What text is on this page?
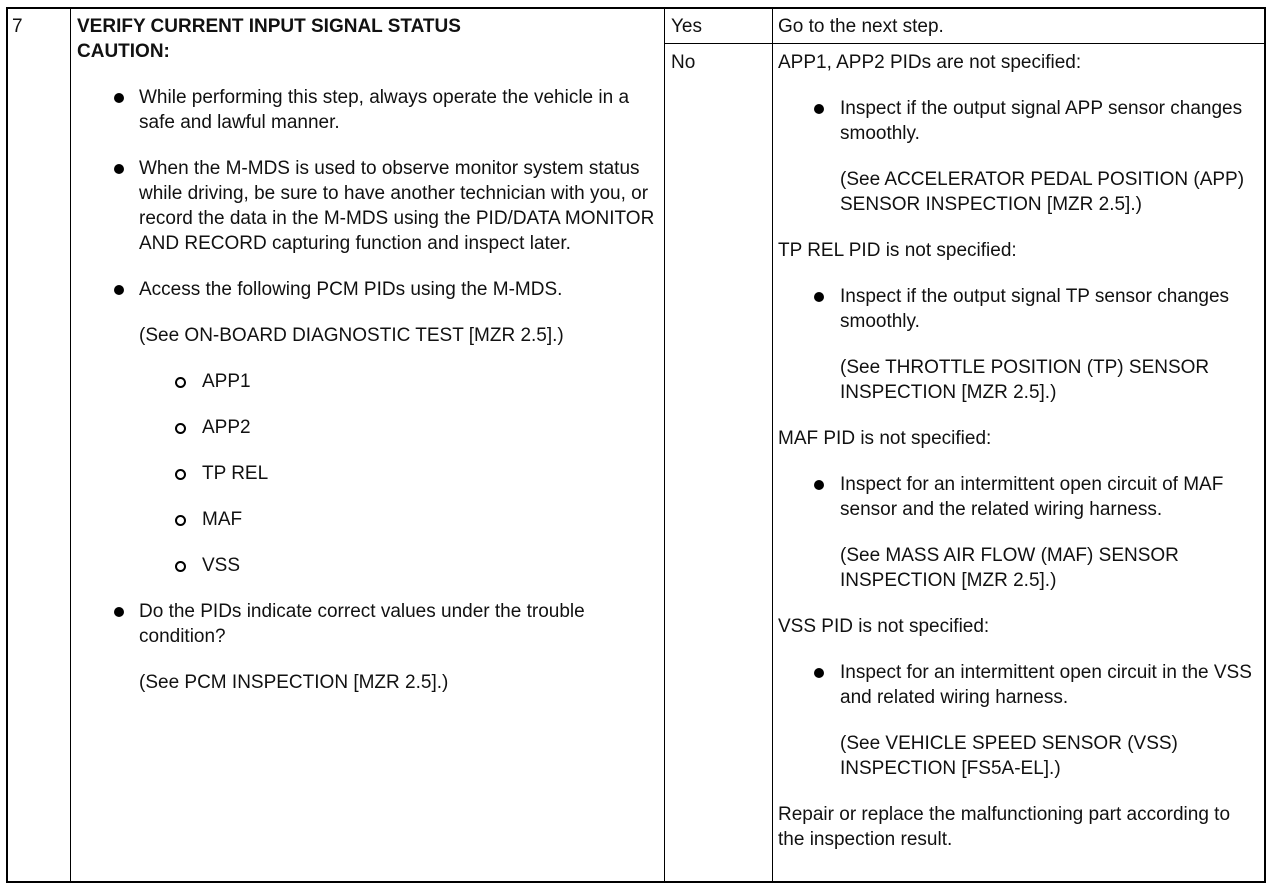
7	VERIFY CURRENT INPUT SIGNAL STATUS
CAUTION:
While performing this step, always operate the vehicle in a safe and lawful manner.
When the M-MDS is used to observe monitor system status while driving, be sure to have another technician with you, or record the data in the M-MDS using the PID/DATA MONITOR AND RECORD capturing function and inspect later.
Access the following PCM PIDs using the M-MDS.
(See ON-BOARD DIAGNOSTIC TEST [MZR 2.5].)
APP1
APP2
TP REL
MAF
VSS
Do the PIDs indicate correct values under the trouble condition?
(See PCM INSPECTION [MZR 2.5].)
Yes	Go to the next step.
No	APP1, APP2 PIDs are not specified:
Inspect if the output signal APP sensor changes smoothly.
(See ACCELERATOR PEDAL POSITION (APP) SENSOR INSPECTION [MZR 2.5].)
TP REL PID is not specified:
Inspect if the output signal TP sensor changes smoothly.
(See THROTTLE POSITION (TP) SENSOR INSPECTION [MZR 2.5].)
MAF PID is not specified:
Inspect for an intermittent open circuit of MAF sensor and the related wiring harness.
(See MASS AIR FLOW (MAF) SENSOR INSPECTION [MZR 2.5].)
VSS PID is not specified:
Inspect for an intermittent open circuit in the VSS and related wiring harness.
(See VEHICLE SPEED SENSOR (VSS) INSPECTION [FS5A-EL].)
Repair or replace the malfunctioning part according to the inspection result.
